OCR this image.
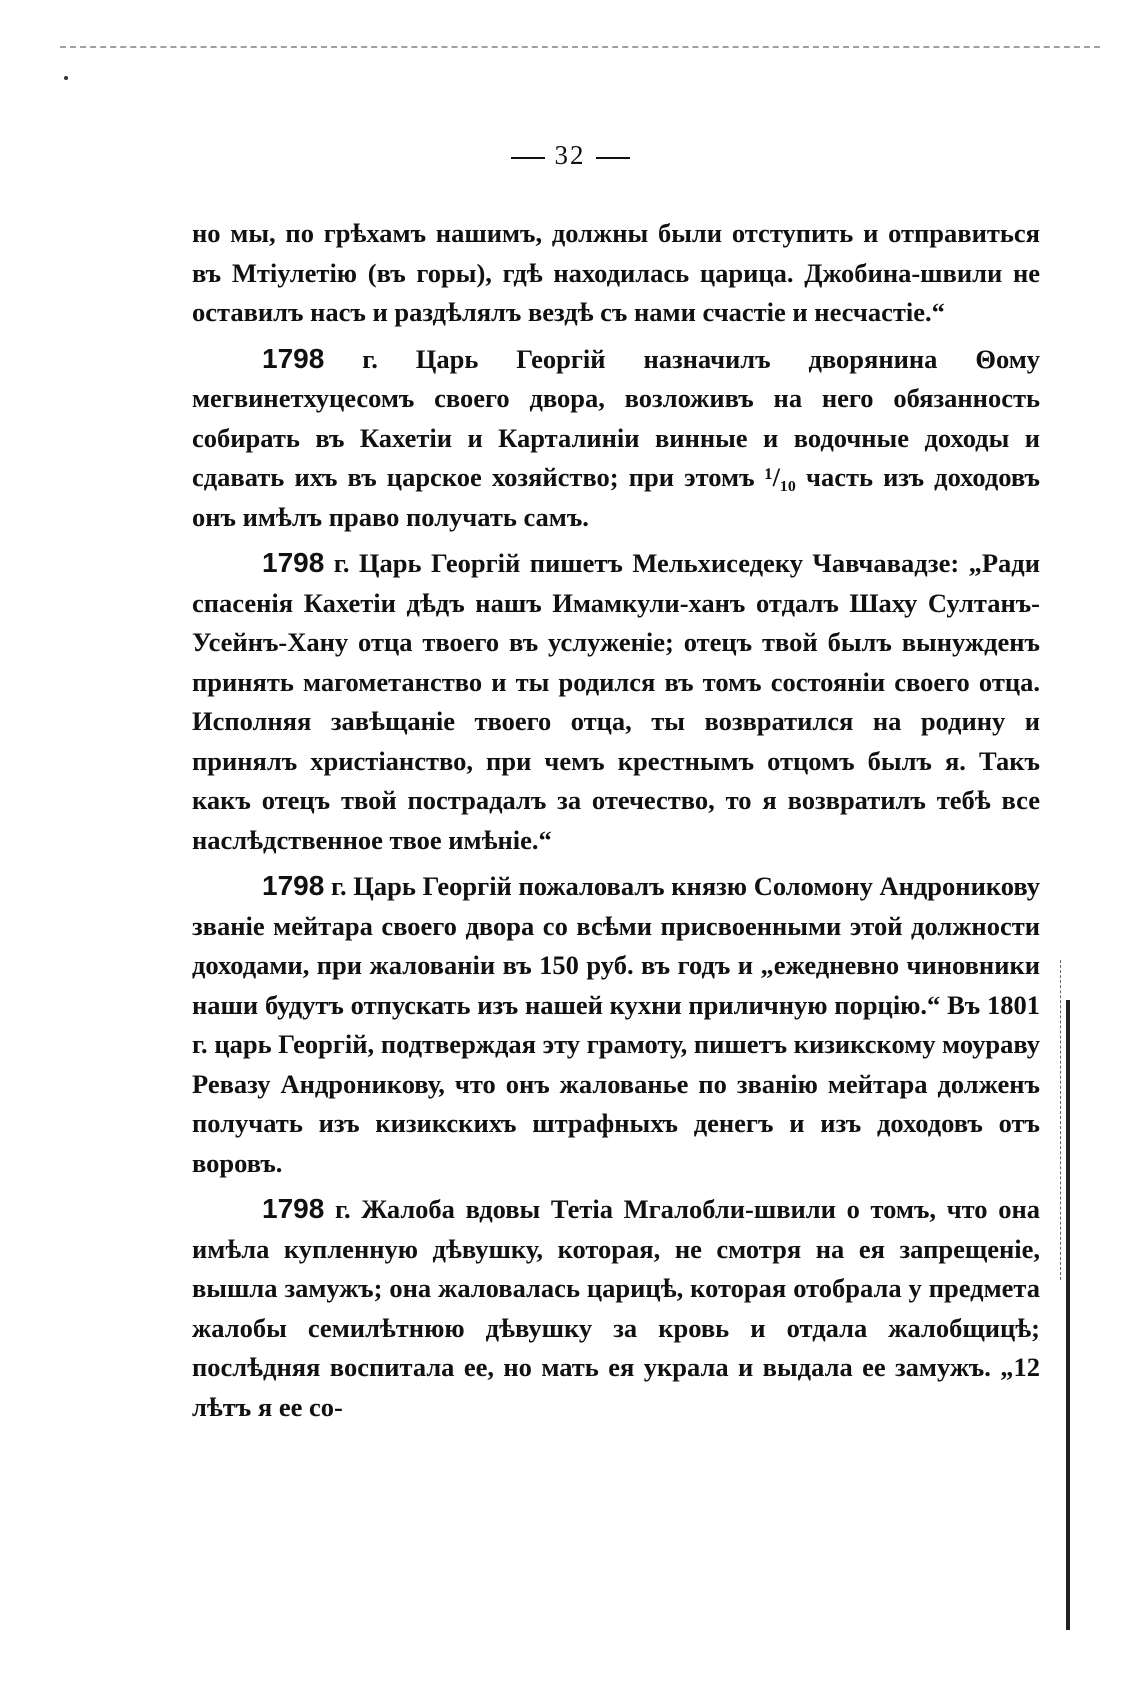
32

но мы, по грѣхамъ нашимъ, должны были отступить и отправиться въ Мтіулетію (въ горы), гдѣ находилась царица. Джобина-швили не оставилъ насъ и раздѣлялъ вездѣ съ нами счастіе и несчастіе.“

1798 г. Царь Георгій назначилъ дворянина Θому мегвинетхуцесомъ своего двора, возложивъ на него обязанность собирать въ Кахетіи и Карталиніи винные и водочные доходы и сдавать ихъ въ царское хозяйство; при этомъ ¹/₁₀ часть изъ доходовъ онъ имѣлъ право получать самъ.

1798 г. Царь Георгій пишетъ Мельхиседеку Чавчавадзе: „Ради спасенія Кахетіи дѣдъ нашъ Имамкули-ханъ отдалъ Шаху Султанъ-Усейнъ-Хану отца твоего въ услуженіе; отецъ твой былъ вынужденъ принять магометанство и ты родился въ томъ состояніи своего отца. Исполняя завѣщаніе твоего отца, ты возвратился на родину и принялъ христіанство, при чемъ крестнымъ отцомъ былъ я. Такъ какъ отецъ твой пострадалъ за отечество, то я возвратилъ тебѣ все наслѣдственное твое имѣніе.“

1798 г. Царь Георгій пожаловалъ князю Соломону Андроникову званіе мейтара своего двора со всѣми присвоенными этой должности доходами, при жалованіи въ 150 руб. въ годъ и „ежедневно чиновники наши будутъ отпускать изъ нашей кухни приличную порцію.“ Въ 1801 г. царь Георгій, подтверждая эту грамоту, пишетъ кизикскому моураву Ревазу Андроникову, что онъ жалованье по званію мейтара долженъ получать изъ кизикскихъ штрафныхъ денегъ и изъ доходовъ отъ воровъ.

1798 г. Жалоба вдовы Тетіа Мгалобли-швили о томъ, что она имѣла купленную дѣвушку, которая, не смотря на ея запрещеніе, вышла замужъ; она жаловалась царицѣ, которая отобрала у предмета жалобы семилѣтнюю дѣвушку за кровь и отдала жалобщицѣ; послѣдняя воспитала ее, но мать ея украла и выдала ее замужъ. „12 лѣтъ я ее со-
